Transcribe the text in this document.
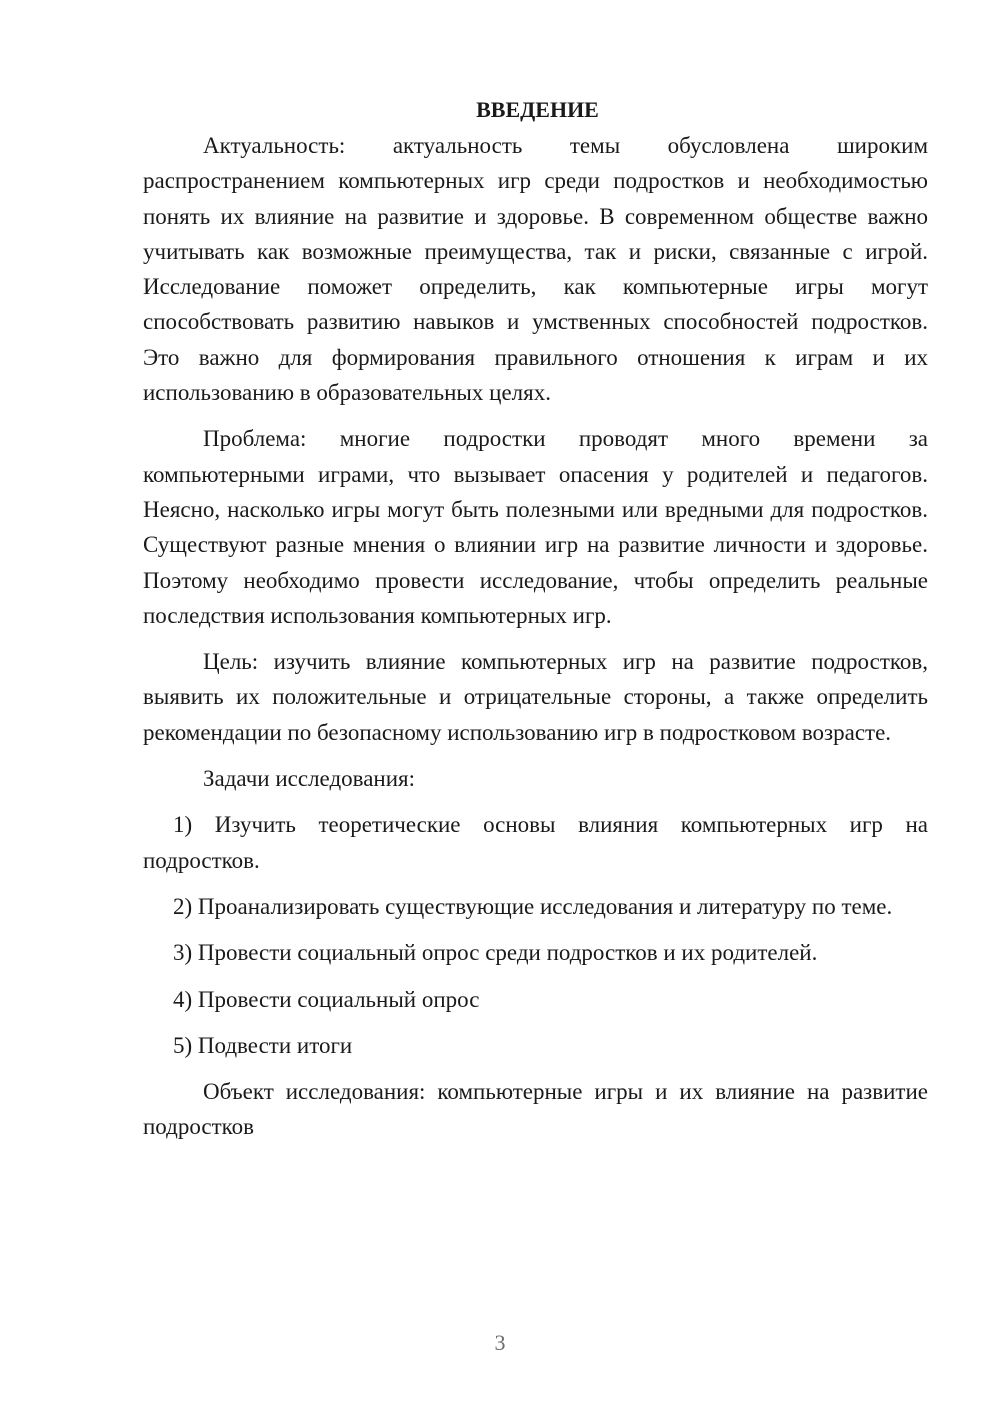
ВВЕДЕНИЕ

Актуальность: актуальность темы обусловлена широким распространением компьютерных игр среди подростков и необходимостью понять их влияние на развитие и здоровье. В современном обществе важно учитывать как возможные преимущества, так и риски, связанные с игрой. Исследование поможет определить, как компьютерные игры могут способствовать развитию навыков и умственных способностей подростков. Это важно для формирования правильного отношения к играм и их использованию в образовательных целях.

Проблема: многие подростки проводят много времени за компьютерными играми, что вызывает опасения у родителей и педагогов. Неясно, насколько игры могут быть полезными или вредными для подростков. Существуют разные мнения о влиянии игр на развитие личности и здоровье. Поэтому необходимо провести исследование, чтобы определить реальные последствия использования компьютерных игр.

Цель: изучить влияние компьютерных игр на развитие подростков, выявить их положительные и отрицательные стороны, а также определить рекомендации по безопасному использованию игр в подростковом возрасте.

Задачи исследования:

1) Изучить теоретические основы влияния компьютерных игр на подростков.

2) Проанализировать существующие исследования и литературу по теме.

3) Провести социальный опрос среди подростков и их родителей.

4) Провести социальный опрос

5) Подвести итоги

Объект исследования: компьютерные игры и их влияние на развитие подростков

3
